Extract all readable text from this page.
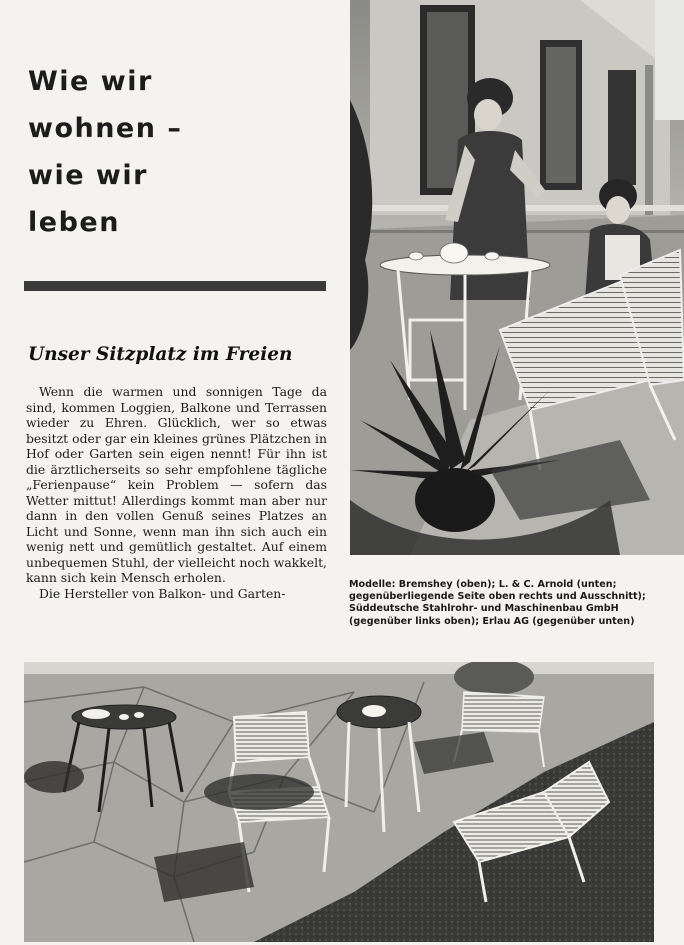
Wie wir
wohnen –
wie wir
leben
Unser Sitzplatz im Freien
Wenn die warmen und sonnigen Tage da sind, kommen Loggien, Balkone und Terrassen wieder zu Ehren. Glücklich, wer so etwas besitzt oder gar ein kleines grünes Plätzchen in Hof oder Garten sein eigen nennt! Für ihn ist die ärztlicherseits so sehr empfohlene tägliche „Ferienpause“ kein Problem — sofern das Wetter mittut! Allerdings kommt man aber nur dann in den vollen Genuß seines Platzes an Licht und Sonne, wenn man ihn sich auch ein wenig nett und gemütlich gestaltet. Auf einem unbequemen Stuhl, der vielleicht noch wakkelt, kann sich kein Mensch erholen.
Die Hersteller von Balkon- und Garten-
Modelle: Bremshey (oben); L. & C. Arnold (unten; gegenüberliegende Seite oben rechts und Ausschnitt); Süddeutsche Stahlrohr- und Maschinenbau GmbH (gegenüber links oben); Erlau AG (gegenüber unten)
